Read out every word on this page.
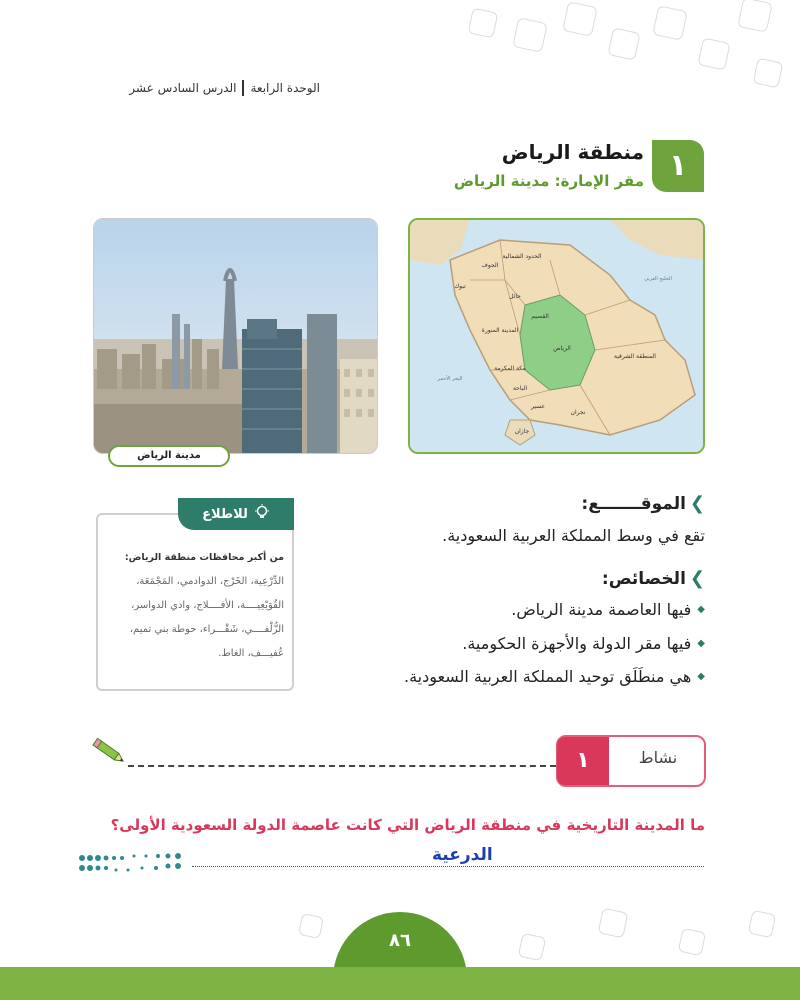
الوحدة الرابعة
الدرس السادس عشر
١
منطقة الرياض
مقر الإمارة: مدينة الرياض
مدينة الرياض
الحدود الشمالية
الجوف
تبوك
حائل
القصيم
المدينة المنورة
الرياض
المنطقة الشرقية
مكة المكرمة
الباحة
عسير
نجران
جازان
البحر الأحمر
الخليج العربي
للاطلاع
من أكبر محافظات منطقة الرياض:
الدِّرْعِية، الخَرْج، الدوادمي، المَجْمَعَة،
القُوَيْعِيــــة، الأفــــلاج، وادي الدواسر،
الزُّلْفــــي، شَقْـــراء، حوطة بني تميم،
عُفيـــف، الغاط.
❯
الموقـــــــع:
تقع في وسط المملكة العربية السعودية.
❯
الخصائص:
◆
فيها العاصمة مدينة الرياض.
◆
فيها مقر الدولة والأجهزة الحكومية.
◆
هي منطَلَق توحيد المملكة العربية السعودية.
١	نشاط
ما المدينة التاريخية في منطقة الرياض التي كانت عاصمة الدولة السعودية الأولى؟
الدرعية
٨٦
